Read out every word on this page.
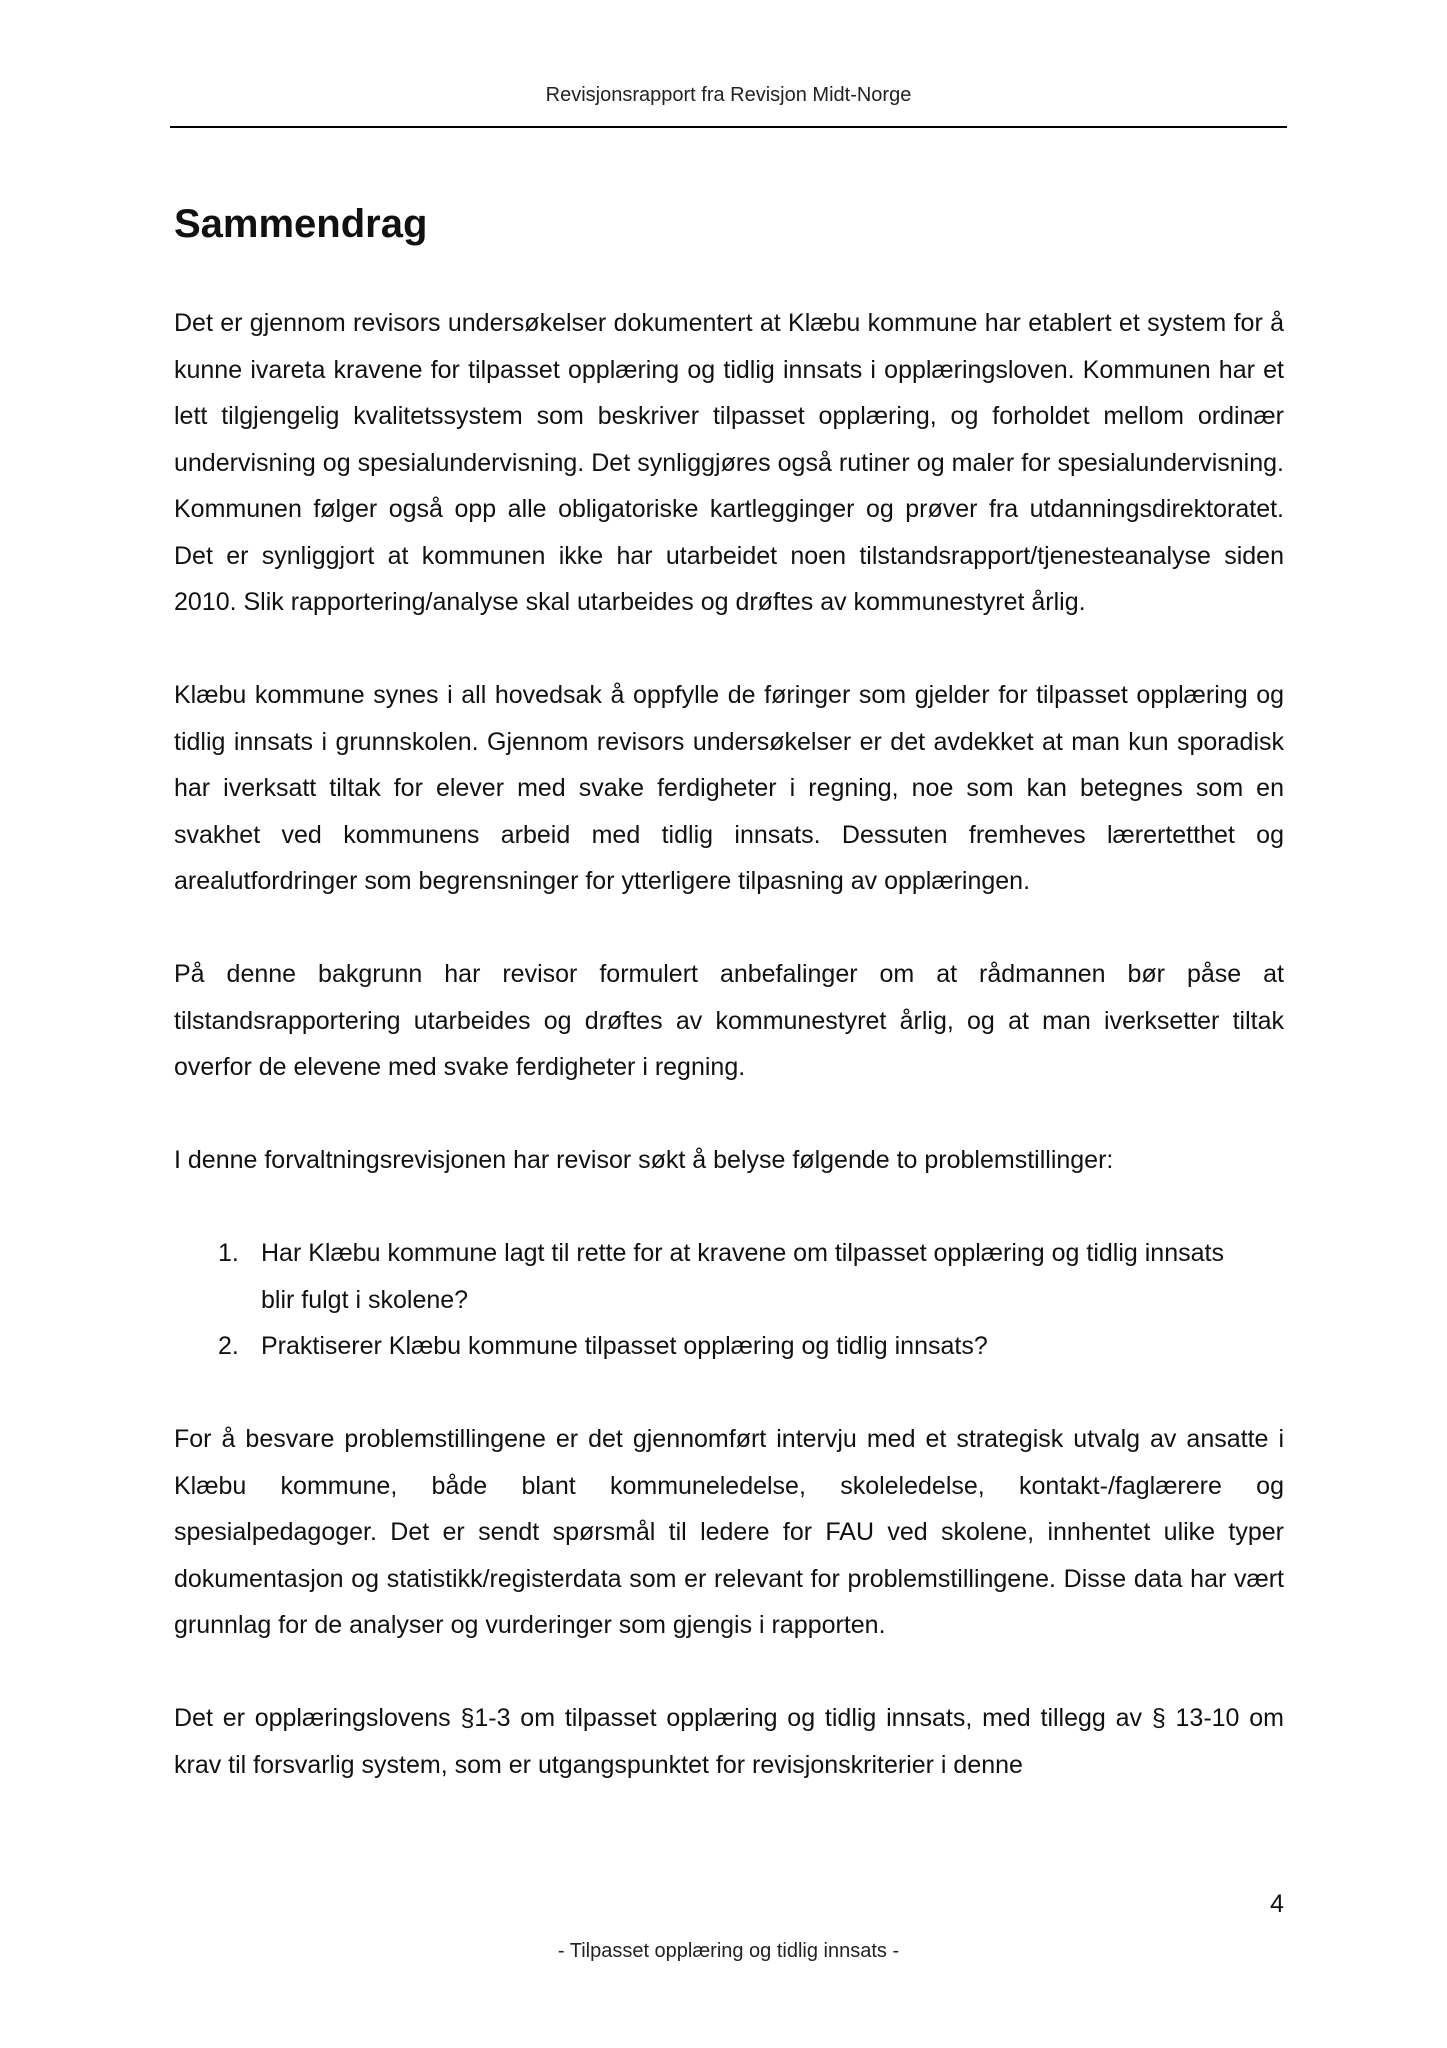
Revisjonsrapport fra Revisjon Midt-Norge
Sammendrag

Det er gjennom revisors undersøkelser dokumentert at Klæbu kommune har etablert et system for å kunne ivareta kravene for tilpasset opplæring og tidlig innsats i opplæringsloven. Kommunen har et lett tilgjengelig kvalitetssystem som beskriver tilpasset opplæring, og forholdet mellom ordinær undervisning og spesialundervisning. Det synliggjøres også rutiner og maler for spesialundervisning. Kommunen følger også opp alle obligatoriske kartlegginger og prøver fra utdanningsdirektoratet. Det er synliggjort at kommunen ikke har utarbeidet noen tilstandsrapport/tjenesteanalyse siden 2010. Slik rapportering/analyse skal utarbeides og drøftes av kommunestyret årlig.

Klæbu kommune synes i all hovedsak å oppfylle de føringer som gjelder for tilpasset opplæring og tidlig innsats i grunnskolen. Gjennom revisors undersøkelser er det avdekket at man kun sporadisk har iverksatt tiltak for elever med svake ferdigheter i regning, noe som kan betegnes som en svakhet ved kommunens arbeid med tidlig innsats. Dessuten fremheves lærertetthet og arealutfordringer som begrensninger for ytterligere tilpasning av opplæringen.

På denne bakgrunn har revisor formulert anbefalinger om at rådmannen bør påse at tilstandsrapportering utarbeides og drøftes av kommunestyret årlig, og at man iverksetter tiltak overfor de elevene med svake ferdigheter i regning.

I denne forvaltningsrevisjonen har revisor søkt å belyse følgende to problemstillinger:

1. Har Klæbu kommune lagt til rette for at kravene om tilpasset opplæring og tidlig innsats blir fulgt i skolene?
2. Praktiserer Klæbu kommune tilpasset opplæring og tidlig innsats?

For å besvare problemstillingene er det gjennomført intervju med et strategisk utvalg av ansatte i Klæbu kommune, både blant kommuneledelse, skoleledelse, kontakt-/faglærere og spesialpedagoger. Det er sendt spørsmål til ledere for FAU ved skolene, innhentet ulike typer dokumentasjon og statistikk/registerdata som er relevant for problemstillingene. Disse data har vært grunnlag for de analyser og vurderinger som gjengis i rapporten.

Det er opplæringslovens §1-3 om tilpasset opplæring og tidlig innsats, med tillegg av § 13-10 om krav til forsvarlig system, som er utgangspunktet for revisjonskriterier i denne

4
- Tilpasset opplæring og tidlig innsats -
